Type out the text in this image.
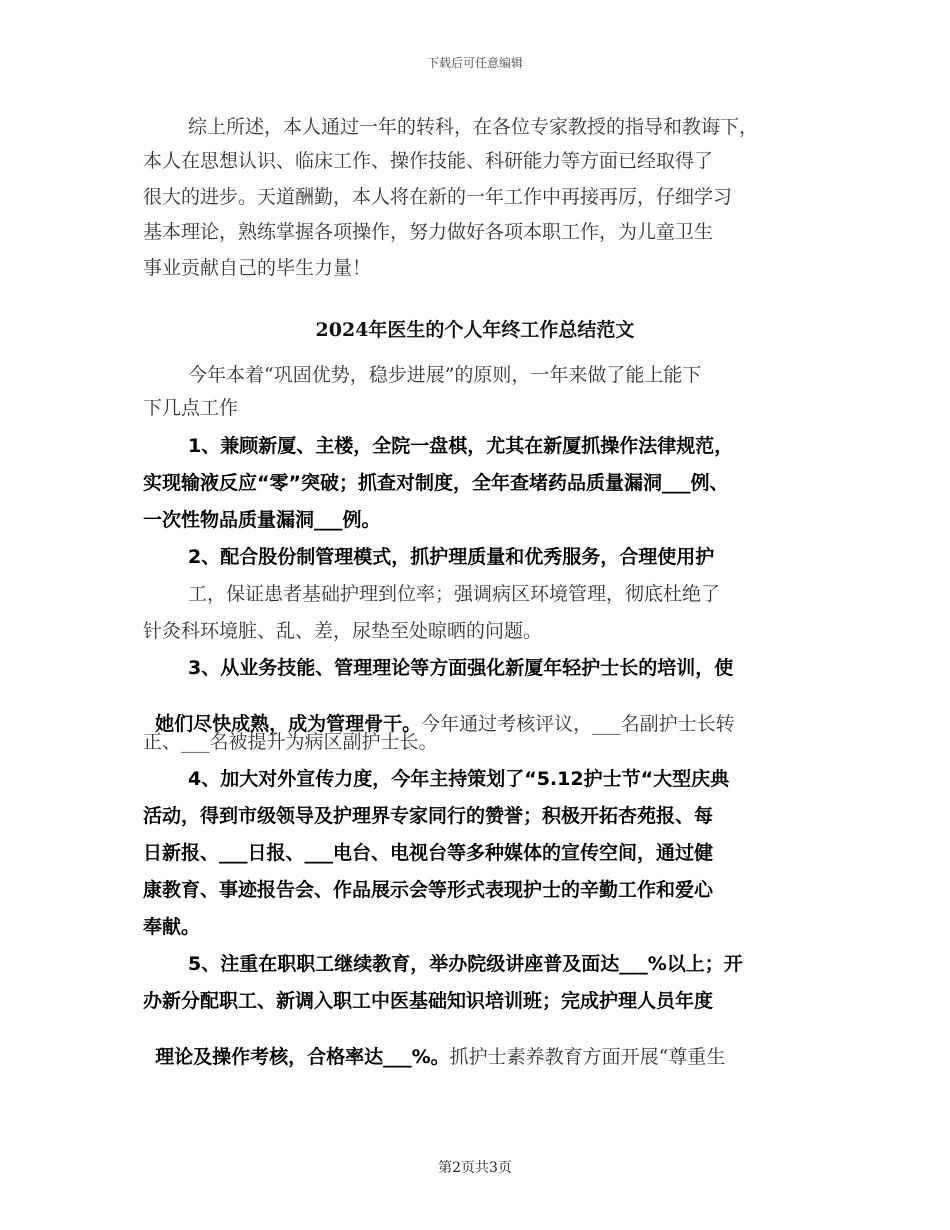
下载后可任意编辑
综上所述，本人通过一年的转科，在各位专家教授的指导和教诲下，
本人在思想认识、临床工作、操作技能、科研能力等方面已经取得了
很大的进步。天道酬勤，本人将在新的一年工作中再接再厉，仔细学习
基本理论，熟练掌握各项操作，努力做好各项本职工作，为儿童卫生
事业贡献自己的毕生力量！
2024年医生的个人年终工作总结范文
今年本着“巩固优势，稳步进展”的原则，一年来做了能上能下
下几点工作
1、兼顾新厦、主楼，全院一盘棋，尤其在新厦抓操作法律规范，
实现输液反应“零”突破；抓查对制度，全年查堵药品质量漏洞___例、
一次性物品质量漏洞___例。
2、配合股份制管理模式，抓护理质量和优秀服务，合理使用护
工，保证患者基础护理到位率；强调病区环境管理，彻底杜绝了
针灸科环境脏、乱、差，尿垫至处晾晒的问题。
3、从业务技能、管理理论等方面强化新厦年轻护士长的培训，使

她们尽快成熟，成为管理骨干。今年通过考核评议，___名副护士长转

正、___名被提升为病区副护士长。
4、加大对外宣传力度，今年主持策划了“5.12护士节“大型庆典
活动，得到市级领导及护理界专家同行的赞誉；积极开拓杏苑报、每
日新报、___日报、___电台、电视台等多种媒体的宣传空间，通过健
康教育、事迹报告会、作品展示会等形式表现护士的辛勤工作和爱心
奉献。
5、注重在职职工继续教育，举办院级讲座普及面达___%以上；开
办新分配职工、新调入职工中医基础知识培训班；完成护理人员年度

理论及操作考核，合格率达___%。抓护士素养教育方面开展“尊重生

第2页共3页
